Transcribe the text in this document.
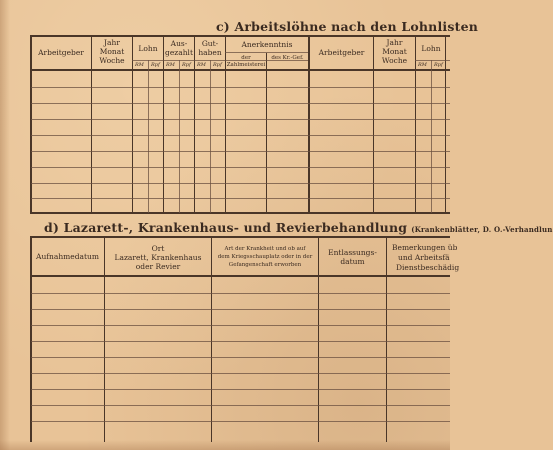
c) Arbeitslöhne nach den Lohnlisten
Arbeitgeber
Jahr Monat Woche
Lohn
Aus-gezahlt
Gut-haben
Anerkenntnis
der Zahlmeisterei
des Kr.-Gef.
Arbeitgeber
Jahr Monat Woche
Lohn
RM Rpf RM Rpf RM Rpf	RM Rpf
d) Lazarett-, Krankenhaus- und Revierbehandlung (Krankenblätter, D. O.-Verhandlun
Aufnahmedatum
Ort
Lazarett, Krankenhaus
oder Revier
Art der Krankheit und ob auf
dem Kriegsschauplatz oder in der
Gefangenschaft erworben
Entlassungs-datum
Bemerkungen üb
und Arbeitsfä
Dienstbeschädig
